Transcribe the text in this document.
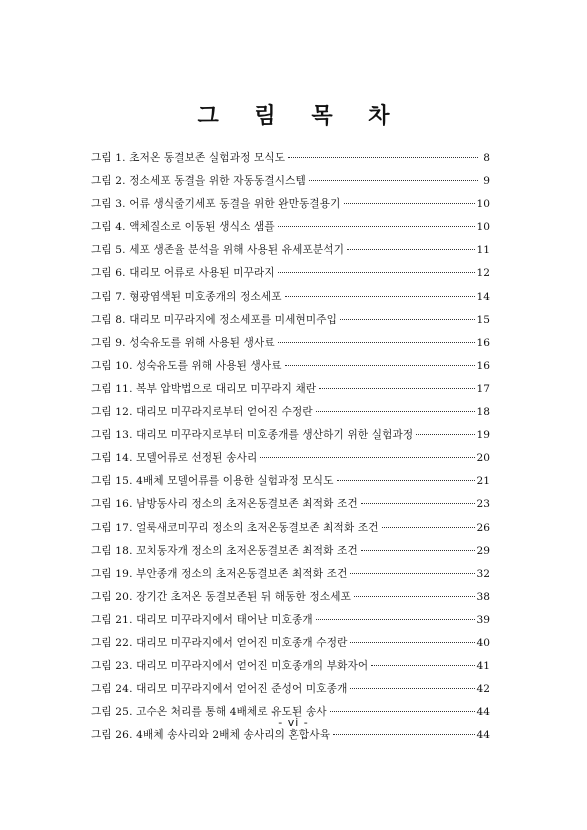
그 림 목 차
그림 1. 초저온 동결보존 실험과정 모식도	8
그림 2. 정소세포 동결을 위한 자동동결시스템	9
그림 3. 어류 생식줄기세포 동결을 위한 완만동결용기	10
그림 4. 액체질소로 이동된 생식소 샘플	10
그림 5. 세포 생존율 분석을 위해 사용된 유세포분석기	11
그림 6. 대리모 어류로 사용된 미꾸라지	12
그림 7. 형광염색된 미호종개의 정소세포	14
그림 8. 대리모 미꾸라지에 정소세포를 미세현미주입	15
그림 9. 성숙유도를 위해 사용된 생사료	16
그림 10. 성숙유도를 위해 사용된 생사료	16
그림 11. 복부 압박법으로 대리모 미꾸라지 채란	17
그림 12. 대리모 미꾸라지로부터 얻어진 수정란	18
그림 13. 대리모 미꾸라지로부터 미호종개를 생산하기 위한 실험과정	19
그림 14. 모델어류로 선정된 송사리	20
그림 15. 4배체 모델어류를 이용한 실험과정 모식도	21
그림 16. 남방동사리 정소의 초저온동결보존 최적화 조건	23
그림 17. 얼룩새코미꾸리 정소의 초저온동결보존 최적화 조건	26
그림 18. 꼬치동자개 정소의 초저온동결보존 최적화 조건	29
그림 19. 부안종개 정소의 초저온동결보존 최적화 조건	32
그림 20. 장기간 초저온 동결보존된 뒤 해동한 정소세포	38
그림 21. 대리모 미꾸라지에서 태어난 미호종개	39
그림 22. 대리모 미꾸라지에서 얻어진 미호종개 수정란	40
그림 23. 대리모 미꾸라지에서 얻어진 미호종개의 부화자어	41
그림 24. 대리모 미꾸라지에서 얻어진 준성어 미호종개	42
그림 25. 고수온 처리를 통해 4배체로 유도된 송사	44
그림 26. 4배체 송사리와 2배체 송사리의 혼합사육	44
- vi -
